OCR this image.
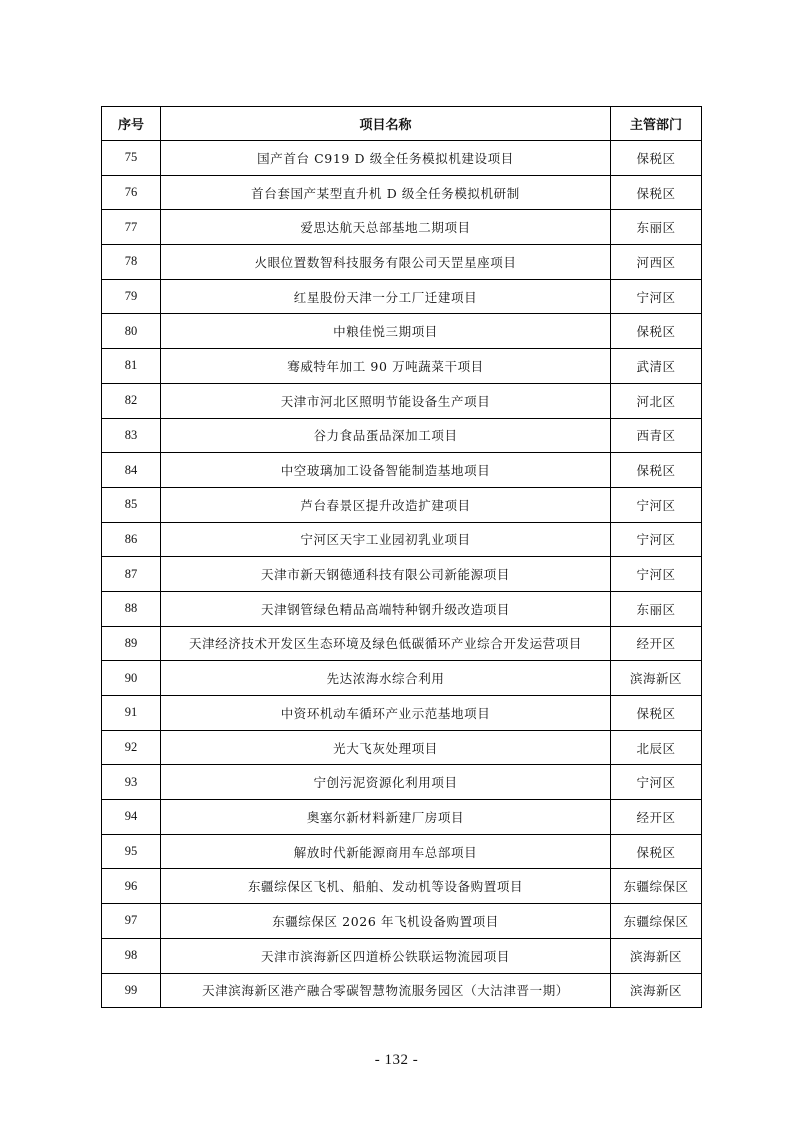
序号	项目名称	主管部门
75	国产首台 C919 D 级全任务模拟机建设项目	保税区
76	首台套国产某型直升机 D 级全任务模拟机研制	保税区
77	爱思达航天总部基地二期项目	东丽区
78	火眼位置数智科技服务有限公司天罡星座项目	河西区
79	红星股份天津一分工厂迁建项目	宁河区
80	中粮佳悦三期项目	保税区
81	骞威特年加工 90 万吨蔬菜干项目	武清区
82	天津市河北区照明节能设备生产项目	河北区
83	谷力食品蛋品深加工项目	西青区
84	中空玻璃加工设备智能制造基地项目	保税区
85	芦台春景区提升改造扩建项目	宁河区
86	宁河区天宇工业园初乳业项目	宁河区
87	天津市新天钢德通科技有限公司新能源项目	宁河区
88	天津钢管绿色精品高端特种钢升级改造项目	东丽区
89	天津经济技术开发区生态环境及绿色低碳循环产业综合开发运营项目	经开区
90	先达浓海水综合利用	滨海新区
91	中资环机动车循环产业示范基地项目	保税区
92	光大飞灰处理项目	北辰区
93	宁创污泥资源化利用项目	宁河区
94	奥塞尔新材料新建厂房项目	经开区
95	解放时代新能源商用车总部项目	保税区
96	东疆综保区飞机、船舶、发动机等设备购置项目	东疆综保区
97	东疆综保区 2026 年飞机设备购置项目	东疆综保区
98	天津市滨海新区四道桥公铁联运物流园项目	滨海新区
99	天津滨海新区港产融合零碳智慧物流服务园区（大沽津晋一期）	滨海新区
- 132 -
